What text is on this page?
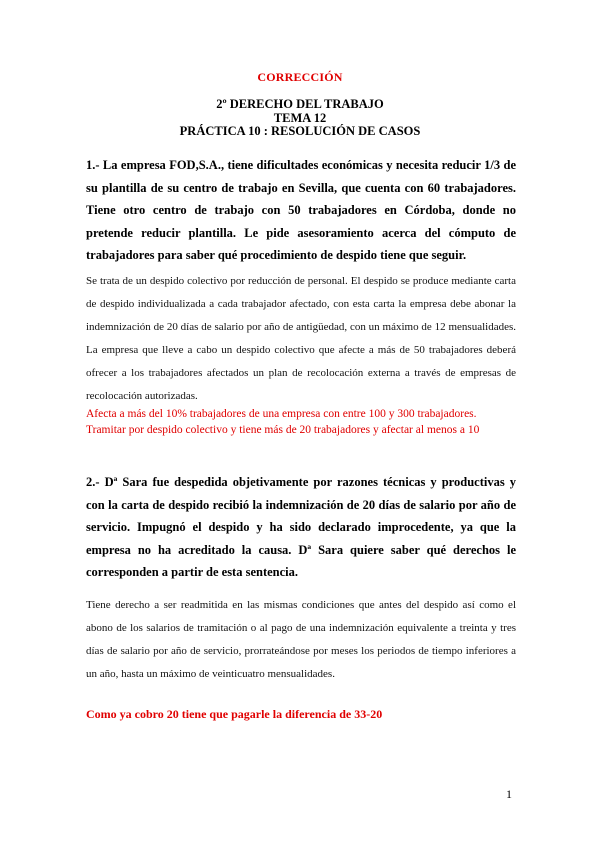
CORRECCIÓN
2º DERECHO DEL TRABAJO
TEMA 12
PRÁCTICA 10 : RESOLUCIÓN DE CASOS
1.- La empresa FOD,S.A., tiene dificultades económicas y necesita reducir 1/3 de su plantilla de su centro de trabajo en Sevilla, que cuenta con 60 trabajadores. Tiene otro centro de trabajo con 50 trabajadores en Córdoba, donde no pretende reducir plantilla. Le pide asesoramiento acerca del cómputo de trabajadores para saber qué procedimiento de despido tiene que seguir.
Se trata de un despido colectivo por reducción de personal. El despido se produce mediante carta de despido individualizada a cada trabajador afectado, con esta carta la empresa debe abonar la indemnización de 20 días de salario por año de antigüedad, con un máximo de 12 mensualidades. La empresa que lleve a cabo un despido colectivo que afecte a más de 50 trabajadores deberá ofrecer a los trabajadores afectados un plan de recolocación externa a través de empresas de recolocación autorizadas.
Afecta a más del 10% trabajadores de una empresa con entre 100 y 300 trabajadores.
Tramitar por despido colectivo y tiene más de 20 trabajadores y afectar al menos a 10
2.- Dª Sara fue despedida objetivamente por razones técnicas y productivas y con la carta de despido recibió la indemnización de 20 días de salario por año de servicio. Impugnó el despido y ha sido declarado improcedente, ya que la empresa no ha acreditado la causa. Dª Sara quiere saber qué derechos le corresponden a partir de esta sentencia.
Tiene derecho a ser readmitida en las mismas condiciones que antes del despido así como el abono de los salarios de tramitación o al pago de una indemnización equivalente a treinta y tres días de salario por año de servicio, prorrateándose por meses los periodos de tiempo inferiores a un año, hasta un máximo de veinticuatro mensualidades.
Como ya cobro 20 tiene que pagarle la diferencia de 33-20
1
